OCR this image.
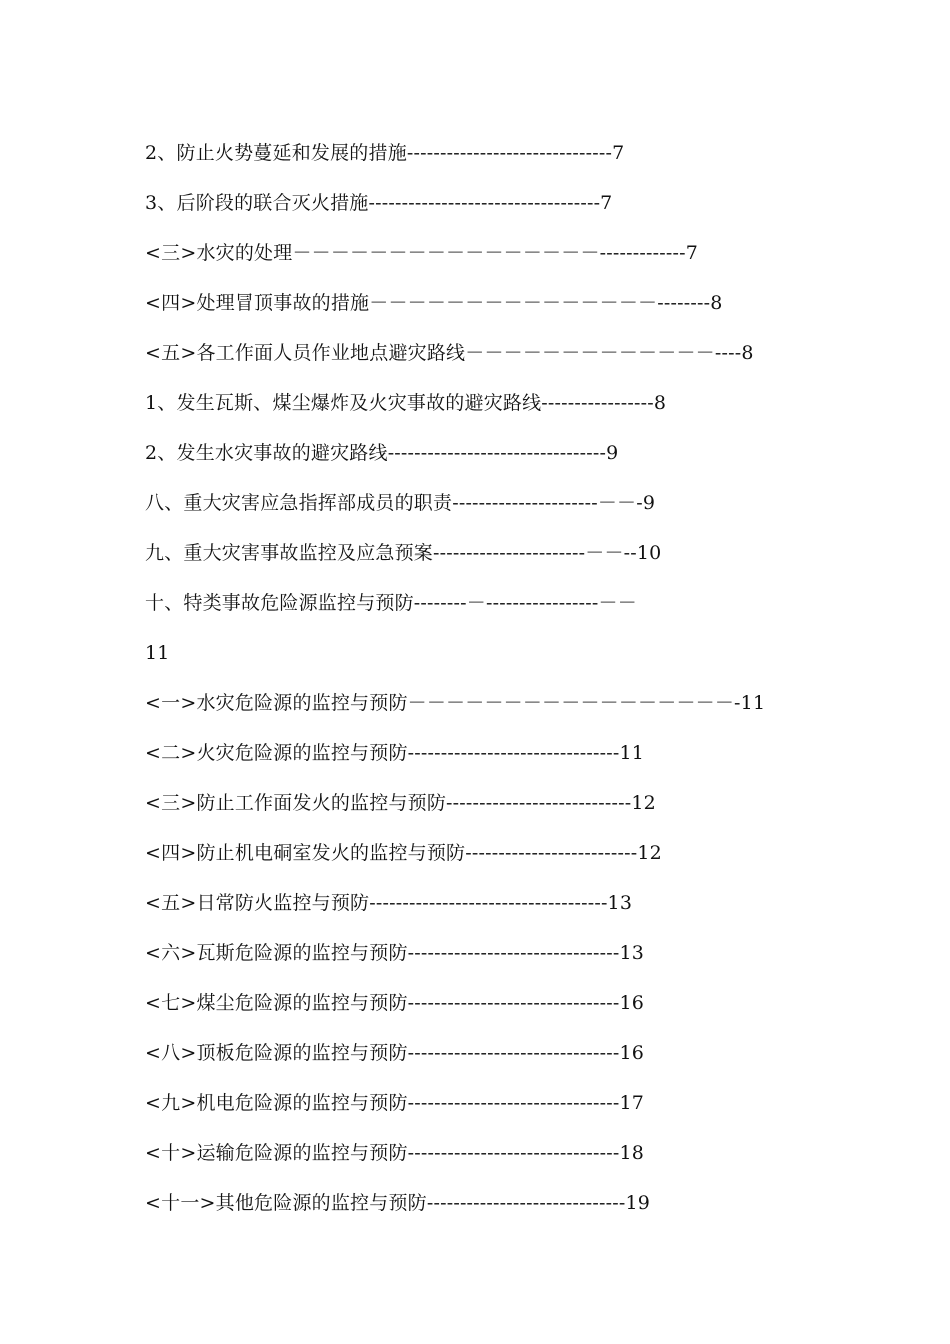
2、防止火势蔓延和发展的措施-------------------------------7
3、后阶段的联合灭火措施-----------------------------------7
<三>水灾的处理－－－－－－－－－－－－－－－－-------------7
<四>处理冒顶事故的措施－－－－－－－－－－－－－－－--------8
<五>各工作面人员作业地点避灾路线－－－－－－－－－－－－－----8
1、发生瓦斯、煤尘爆炸及火灾事故的避灾路线-----------------8
2、发生水灾事故的避灾路线---------------------------------9
八、重大灾害应急指挥部成员的职责----------------------－－-9
九、重大灾害事故监控及应急预案-----------------------－－--10
十、特类事故危险源监控与预防--------－-----------------－－
11
<一>水灾危险源的监控与预防－－－－－－－－－－－－－－－－－-11
<二>火灾危险源的监控与预防--------------------------------11
<三>防止工作面发火的监控与预防----------------------------12
<四>防止机电硐室发火的监控与预防--------------------------12
<五>日常防火监控与预防------------------------------------13
<六>瓦斯危险源的监控与预防--------------------------------13
<七>煤尘危险源的监控与预防--------------------------------16
<八>顶板危险源的监控与预防--------------------------------16
<九>机电危险源的监控与预防--------------------------------17
<十>运输危险源的监控与预防--------------------------------18
<十一>其他危险源的监控与预防------------------------------19
